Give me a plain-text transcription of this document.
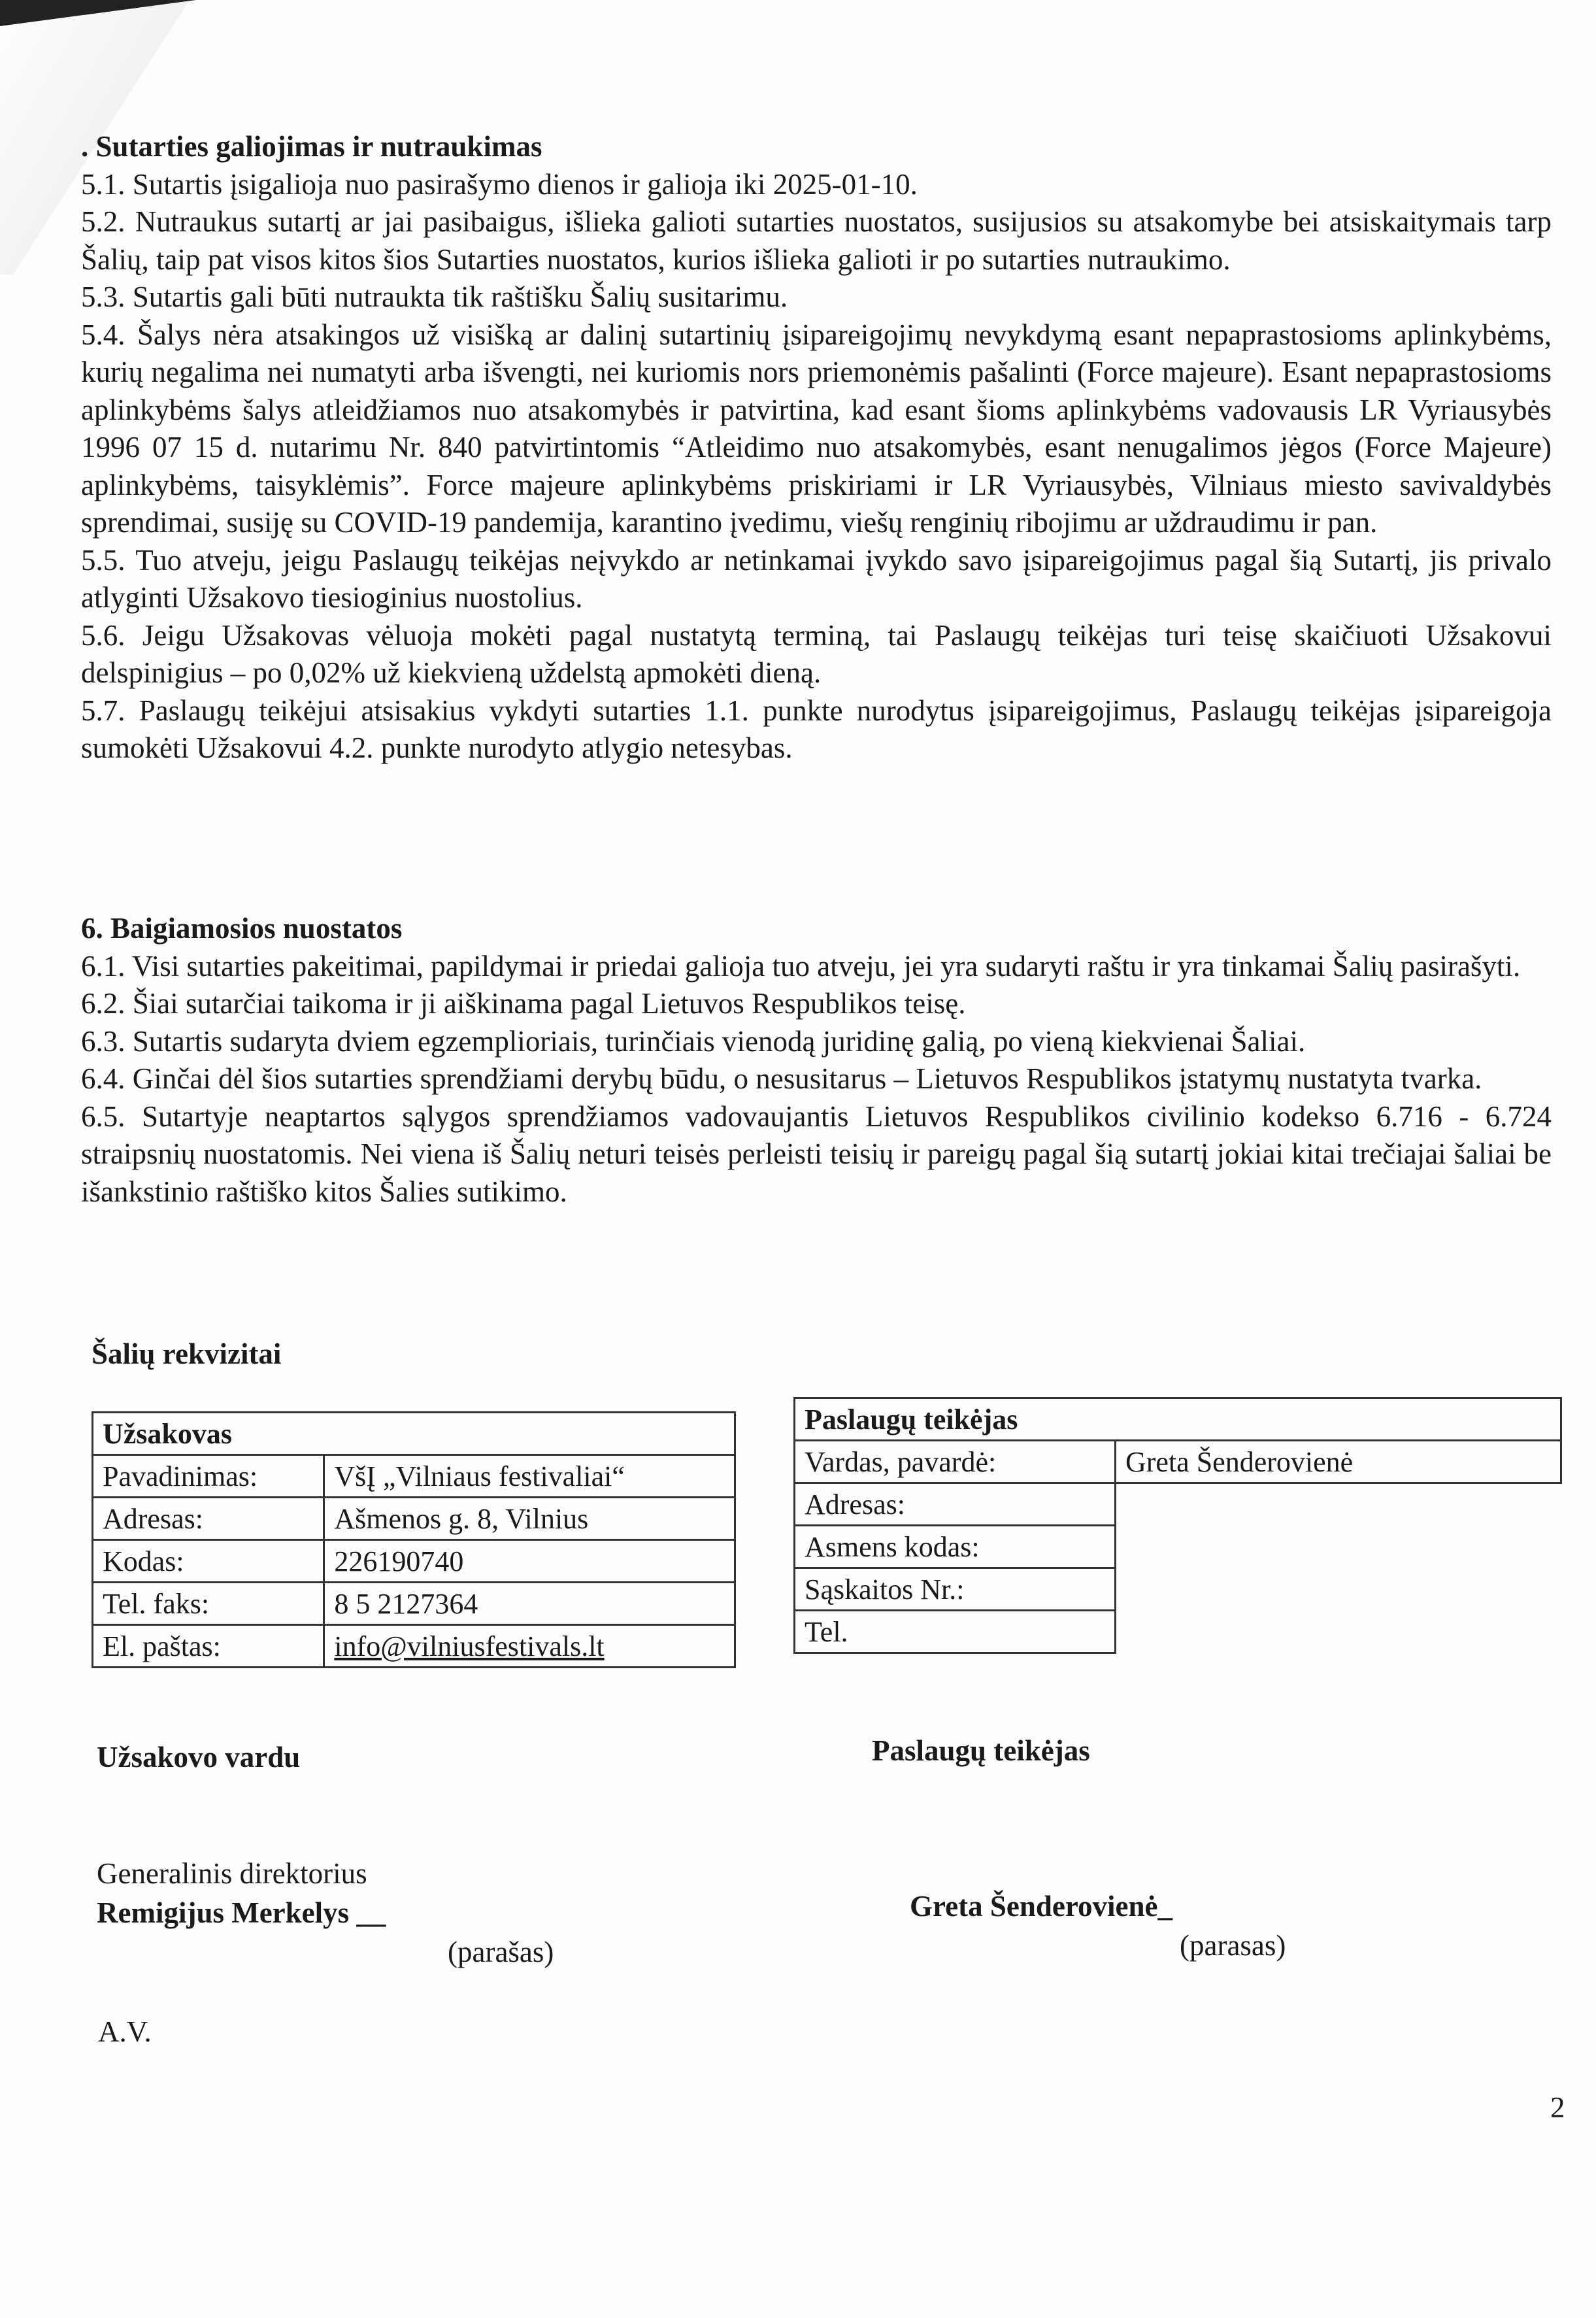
. Sutarties galiojimas ir nutraukimas

5.1. Sutartis įsigalioja nuo pasirašymo dienos ir galioja iki 2025-01-10.

5.2. Nutraukus sutartį ar jai pasibaigus, išlieka galioti sutarties nuostatos, susijusios su atsakomybe bei atsiskaitymais tarp Šalių, taip pat visos kitos šios Sutarties nuostatos, kurios išlieka galioti ir po sutarties nutraukimo.

5.3. Sutartis gali būti nutraukta tik raštišku Šalių susitarimu.

5.4. Šalys nėra atsakingos už visišką ar dalinį sutartinių įsipareigojimų nevykdymą esant nepaprastosioms aplinkybėms, kurių negalima nei numatyti arba išvengti, nei kuriomis nors priemonėmis pašalinti (Force majeure). Esant nepaprastosioms aplinkybėms šalys atleidžiamos nuo atsakomybės ir patvirtina, kad esant šioms aplinkybėms vadovausis LR Vyriausybės 1996 07 15 d. nutarimu Nr. 840 patvirtintomis “Atleidimo nuo atsakomybės, esant nenugalimos jėgos (Force Majeure) aplinkybėms, taisyklėmis”. Force majeure aplinkybėms priskiriami ir LR Vyriausybės, Vilniaus miesto savivaldybės sprendimai, susiję su COVID-19 pandemija, karantino įvedimu, viešų renginių ribojimu ar uždraudimu ir pan.

5.5. Tuo atveju, jeigu Paslaugų teikėjas neįvykdo ar netinkamai įvykdo savo įsipareigojimus pagal šią Sutartį, jis privalo atlyginti Užsakovo tiesioginius nuostolius.

5.6. Jeigu Užsakovas vėluoja mokėti pagal nustatytą terminą, tai Paslaugų teikėjas turi teisę skaičiuoti Užsakovui delspinigius – po 0,02% už kiekvieną uždelstą apmokėti dieną.

5.7. Paslaugų teikėjui atsisakius vykdyti sutarties 1.1. punkte nurodytus įsipareigojimus, Paslaugų teikėjas įsipareigoja sumokėti Užsakovui 4.2. punkte nurodyto atlygio netesybas.

6. Baigiamosios nuostatos

6.1. Visi sutarties pakeitimai, papildymai ir priedai galioja tuo atveju, jei yra sudaryti raštu ir yra tinkamai Šalių pasirašyti.

6.2. Šiai sutarčiai taikoma ir ji aiškinama pagal Lietuvos Respublikos teisę.

6.3. Sutartis sudaryta dviem egzemplioriais, turinčiais vienodą juridinę galią, po vieną kiekvienai Šaliai.

6.4. Ginčai dėl šios sutarties sprendžiami derybų būdu, o nesusitarus – Lietuvos Respublikos įstatymų nustatyta tvarka.

6.5. Sutartyje neaptartos sąlygos sprendžiamos vadovaujantis Lietuvos Respublikos civilinio kodekso 6.716 - 6.724 straipsnių nuostatomis. Nei viena iš Šalių neturi teisės perleisti teisių ir pareigų pagal šią sutartį jokiai kitai trečiajai šaliai be išankstinio raštiško kitos Šalies sutikimo.

Šalių rekvizitai
Užsakovas	
Pavadinimas:	VšĮ „Vilniaus festivaliai“
Adresas:	Ašmenos g. 8, Vilnius
Kodas:	226190740
Tel. faks:	8 5 2127364
El. paštas:	info@vilniusfestivals.lt
Paslaugų teikėjas	
Vardas, pavardė:	Greta Šenderovienė
Adresas:	
Asmens kodas:	
Sąskaitos Nr.:	
Tel.	
Užsakovo vardu	Paslaugų teikėjas
Generalinis direktorius
Remigijus Merkelys __
(parašas)
Greta Šenderovienė_
(parasas)
A.V.
2
